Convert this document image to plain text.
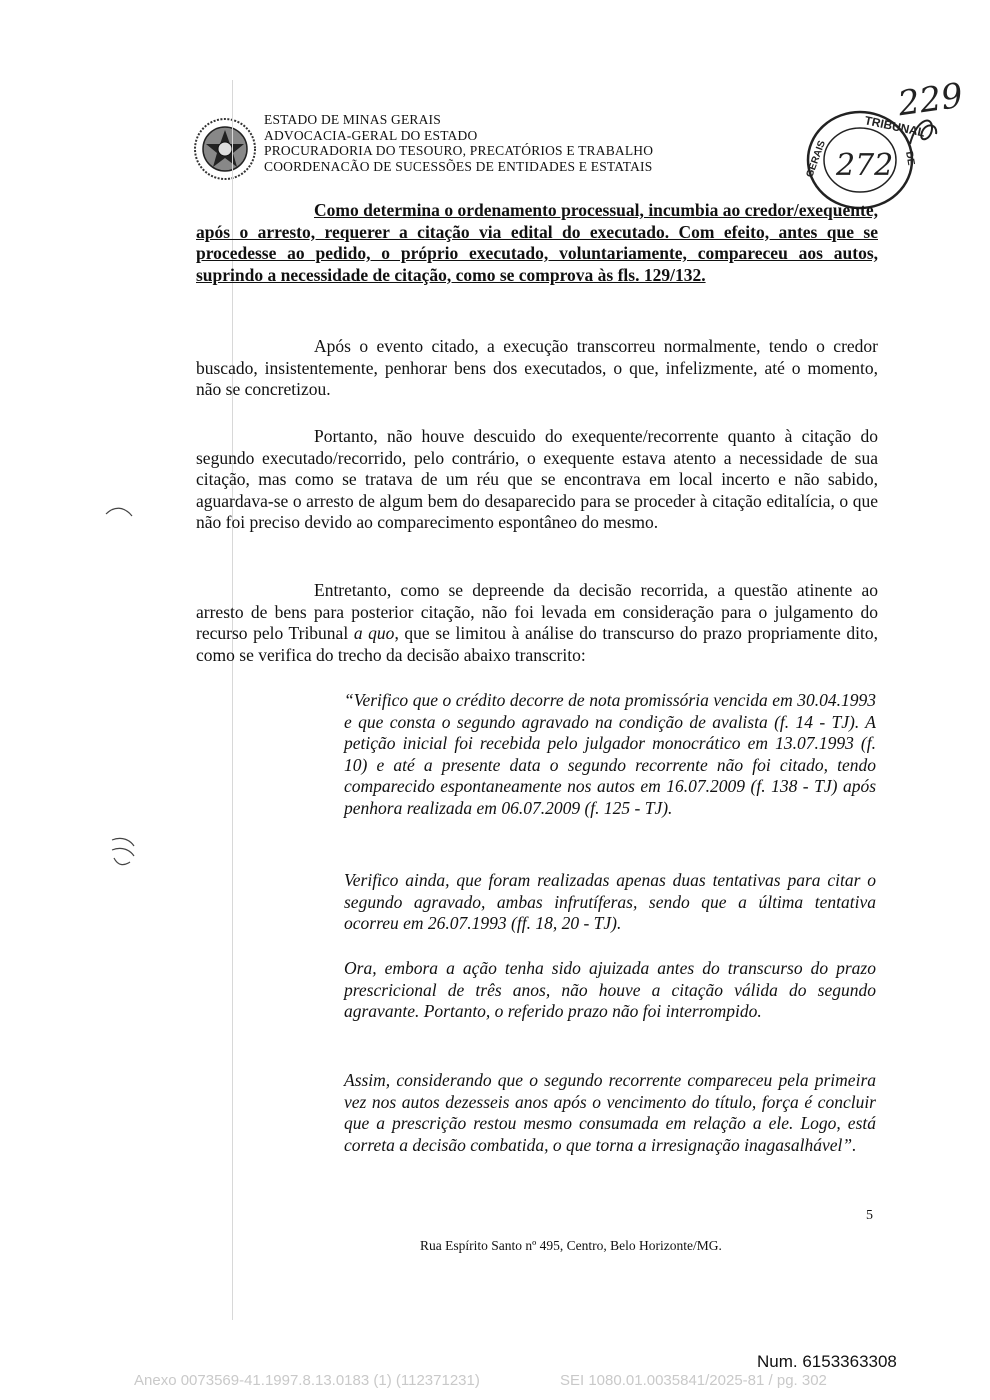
ESTADO DE MINAS GERAIS
ADVOCACIA-GERAL DO ESTADO
PROCURADORIA DO TESOURO, PRECATÓRIOS E TRABALHO
COORDENACÃO DE SUCESSÕES DE ENTIDADES E ESTATAIS
TRIBUNAL
GERAIS	DE
272
229
Como determina o ordenamento processual, incumbia ao credor/exequente, após o arresto, requerer a citação via edital do executado. Com efeito, antes que se procedesse ao pedido, o próprio executado, voluntariamente, compareceu aos autos, suprindo a necessidade de citação, como se comprova às fls. 129/132.
Após o evento citado, a execução transcorreu normalmente, tendo o credor buscado, insistentemente, penhorar bens dos executados, o que, infelizmente, até o momento, não se concretizou.
Portanto, não houve descuido do exequente/recorrente quanto à citação do segundo executado/recorrido, pelo contrário, o exequente estava atento a necessidade de sua citação, mas como se tratava de um réu que se encontrava em local incerto e não sabido, aguardava-se o arresto de algum bem do desaparecido para se proceder à citação editalícia, o que não foi preciso devido ao comparecimento espontâneo do mesmo.
Entretanto, como se depreende da decisão recorrida, a questão atinente ao arresto de bens para posterior citação, não foi levada em consideração para o julgamento do recurso pelo Tribunal a quo, que se limitou à análise do transcurso do prazo propriamente dito, como se verifica do trecho da decisão abaixo transcrito:
“Verifico que o crédito decorre de nota promissória vencida em 30.04.1993 e que consta o segundo agravado na condição de avalista (f. 14 - TJ). A petição inicial foi recebida pelo julgador monocrático em 13.07.1993 (f. 10) e até a presente data o segundo recorrente não foi citado, tendo comparecido espontaneamente nos autos em 16.07.2009 (f. 138 - TJ) após penhora realizada em 06.07.2009 (f. 125 - TJ).
Verifico ainda, que foram realizadas apenas duas tentativas para citar o segundo agravado, ambas infrutíferas, sendo que a última tentativa ocorreu em 26.07.1993 (ff. 18, 20 - TJ).
Ora, embora a ação tenha sido ajuizada antes do transcurso do prazo prescricional de três anos, não houve a citação válida do segundo agravante. Portanto, o referido prazo não foi interrompido.
Assim, considerando que o segundo recorrente compareceu pela primeira vez nos autos dezesseis anos após o vencimento do título, força é concluir que a prescrição restou mesmo consumada em relação a ele. Logo, está correta a decisão combatida, o que torna a irresignação inagasalhável”.
5
Rua Espírito Santo nº 495, Centro, Belo Horizonte/MG.
Num. 6153363308
Anexo 0073569-41.1997.8.13.0183 (1) (112371231)	SEI 1080.01.0035841/2025-81 / pg. 302
